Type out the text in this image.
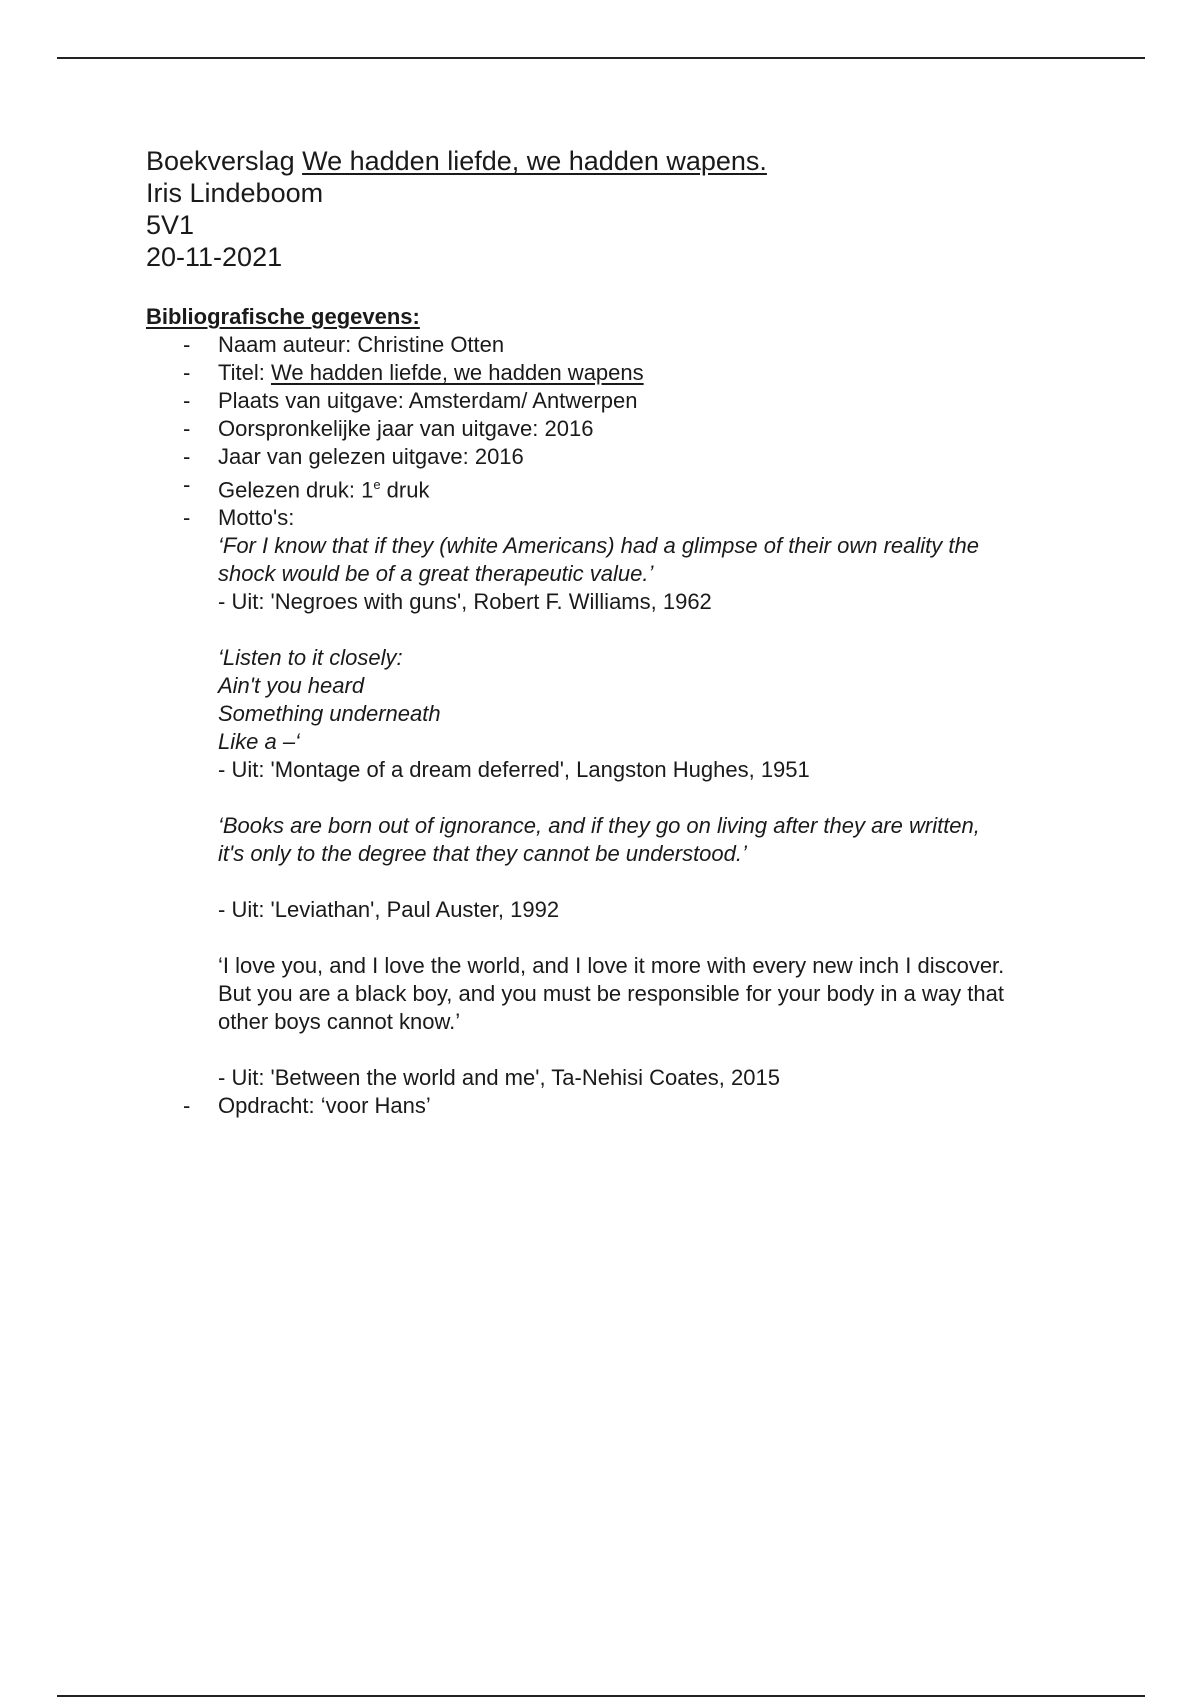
Boekverslag We hadden liefde, we hadden wapens.
Iris Lindeboom
5V1
20-11-2021
Bibliografische gegevens:
- Naam auteur: Christine Otten
- Titel: We hadden liefde, we hadden wapens
- Plaats van uitgave: Amsterdam/ Antwerpen
- Oorspronkelijke jaar van uitgave: 2016
- Jaar van gelezen uitgave: 2016
- Gelezen druk: 1e druk
- Motto's:
‘For I know that if they (white Americans) had a glimpse of their own reality the
shock would be of a great therapeutic value.’
- Uit: 'Negroes with guns', Robert F. Williams, 1962
‘Listen to it closely:
Ain't you heard
Something underneath
Like a –‘
- Uit: 'Montage of a dream deferred', Langston Hughes, 1951
‘Books are born out of ignorance, and if they go on living after they are written,
it's only to the degree that they cannot be understood.’
- Uit: 'Leviathan', Paul Auster, 1992
‘I love you, and I love the world, and I love it more with every new inch I discover.
But you are a black boy, and you must be responsible for your body in a way that
other boys cannot know.’
- Uit: 'Between the world and me', Ta-Nehisi Coates, 2015
- Opdracht: ‘voor Hans’
